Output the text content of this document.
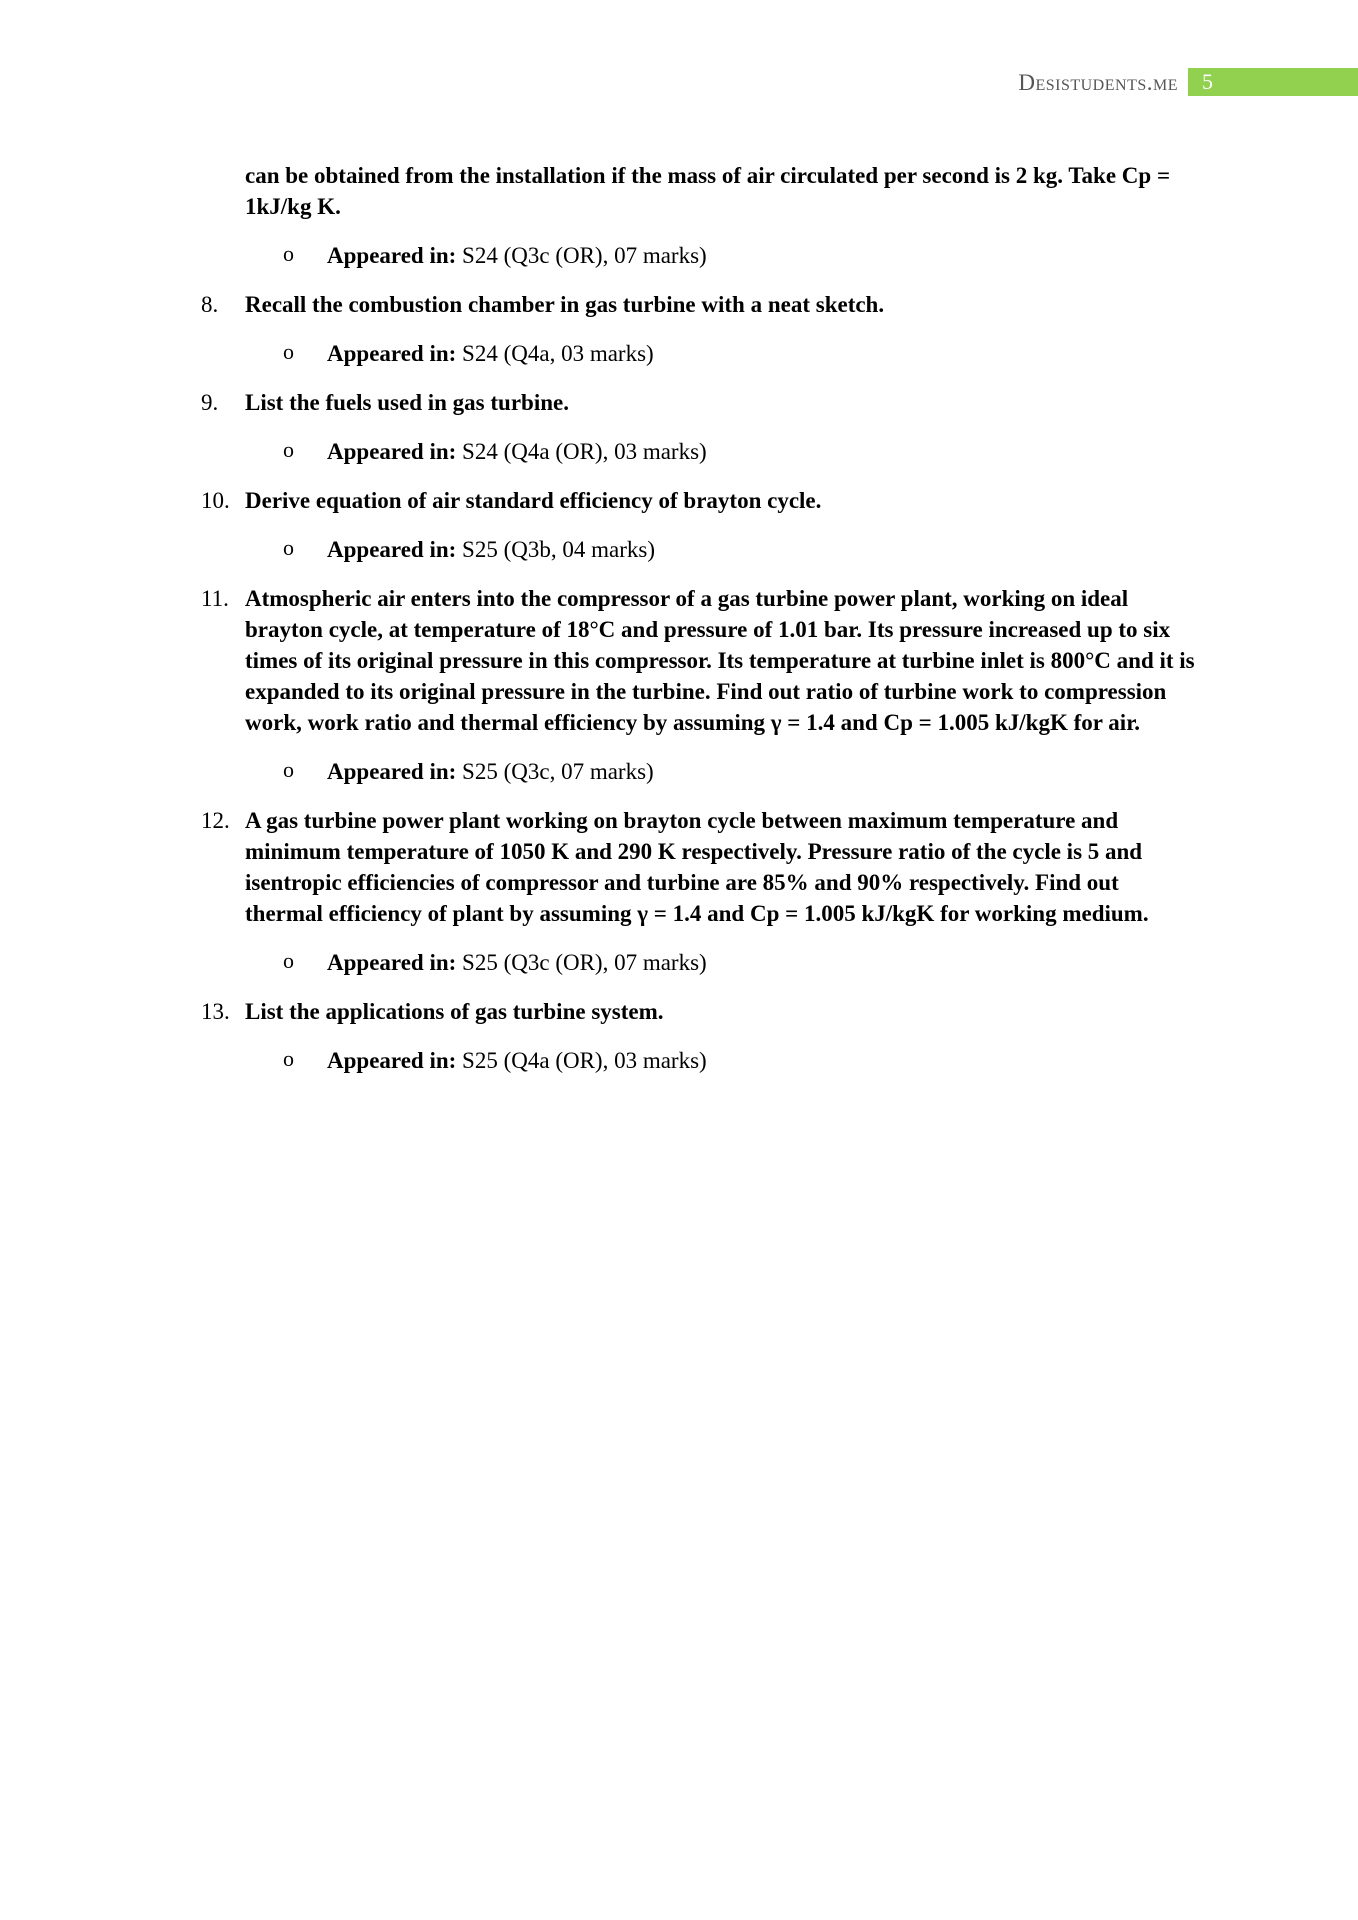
Desistudents.me	5
can be obtained from the installation if the mass of air circulated per second is 2 kg. Take Cp = 1kJ/kg K.
o Appeared in: S24 (Q3c (OR), 07 marks)
8.	Recall the combustion chamber in gas turbine with a neat sketch.
o Appeared in: S24 (Q4a, 03 marks)
9.	List the fuels used in gas turbine.
o Appeared in: S24 (Q4a (OR), 03 marks)
10. Derive equation of air standard efficiency of brayton cycle.
o Appeared in: S25 (Q3b, 04 marks)
11. Atmospheric air enters into the compressor of a gas turbine power plant, working on ideal brayton cycle, at temperature of 18°C and pressure of 1.01 bar. Its pressure increased up to six times of its original pressure in this compressor. Its temperature at turbine inlet is 800°C and it is expanded to its original pressure in the turbine. Find out ratio of turbine work to compression work, work ratio and thermal efficiency by assuming γ = 1.4 and Cp = 1.005 kJ/kgK for air.
o Appeared in: S25 (Q3c, 07 marks)
12. A gas turbine power plant working on brayton cycle between maximum temperature and minimum temperature of 1050 K and 290 K respectively. Pressure ratio of the cycle is 5 and isentropic efficiencies of compressor and turbine are 85% and 90% respectively. Find out thermal efficiency of plant by assuming γ = 1.4 and Cp = 1.005 kJ/kgK for working medium.
o Appeared in: S25 (Q3c (OR), 07 marks)
13. List the applications of gas turbine system.
o Appeared in: S25 (Q4a (OR), 03 marks)
